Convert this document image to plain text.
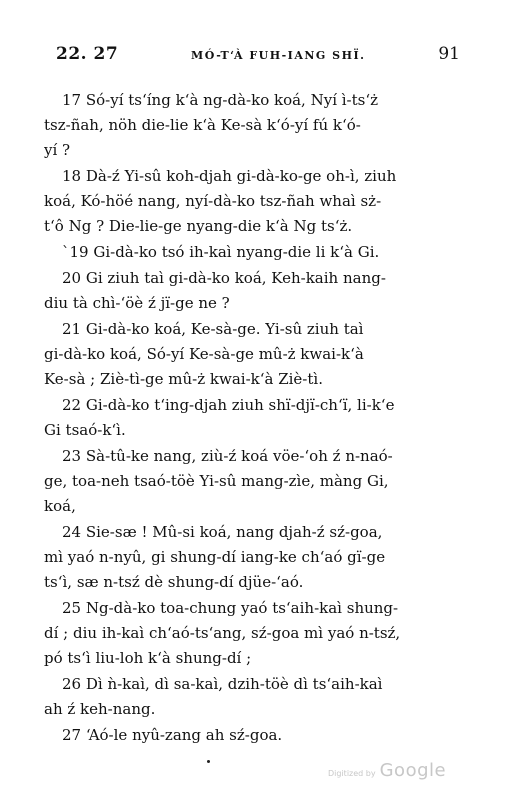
22. 27	MÓ-T‘À FUH-IANG SHÏ.	91
17 Só-yí ts‘íng k‘à ng-dà-ko koá, Nyí ì-ts‘ż
tsz-ñah, nöh die-lie k‘à Ke-sà k‘ó-yí fú k‘ó-
yí ?
18 Dà-ź Yi-sû koh-djah gi-dà-ko-ge oh-ì, ziuh
koá, Kó-höé nang, nyí-dà-ko tsz-ñah whaì sż-
t‘ô Ng ? Die-lie-ge nyang-die k‘à Ng ts‘ż.
`19 Gi-dà-ko tsó ih-kaì nyang-die li k‘à Gi.
20 Gi ziuh taì gi-dà-ko koá, Keh-kaih nang-
diu tà chì-‘öè ź jï-ge ne ?
21 Gi-dà-ko koá, Ke-sà-ge. Yi-sû ziuh taì
gi-dà-ko koá, Só-yí Ke-sà-ge mû-ż kwai-k‘à
Ke-sà ; Ziè-tì-ge mû-ż kwai-k‘à Ziè-tì.
22 Gi-dà-ko t‘ing-djah ziuh shï-djï-ch‘ï, li-k‘e
Gi tsaó-k‘ì.
23 Sà-tû-ke nang, ziù-ź koá vöe-‘oh ź n-naó-
ge, toa-neh tsaó-töè Yi-sû mang-zìe, màng Gi,
koá,
24 Sie-sæ ! Mû-si koá, nang djah-ź sź-goa,
mì yaó n-nyû, gi shung-dí iang-ke ch‘aó gï-ge
ts‘ì, sæ n-tsź dè shung-dí djüe-‘aó.
25 Ng-dà-ko toa-chung yaó ts‘aih-kaì shung-
dí ; diu ih-kaì ch‘aó-ts‘ang, sź-goa mì yaó n-tsź,
pó ts‘ì liu-loh k‘à shung-dí ;
26 Dì ǹ-kaì, dì sa-kaì, dzih-töè dì ts‘aih-kaì
ah ź keh-nang.
27 ‘Aó-le nyû-zang ah sź-goa.
Digitized by Google
